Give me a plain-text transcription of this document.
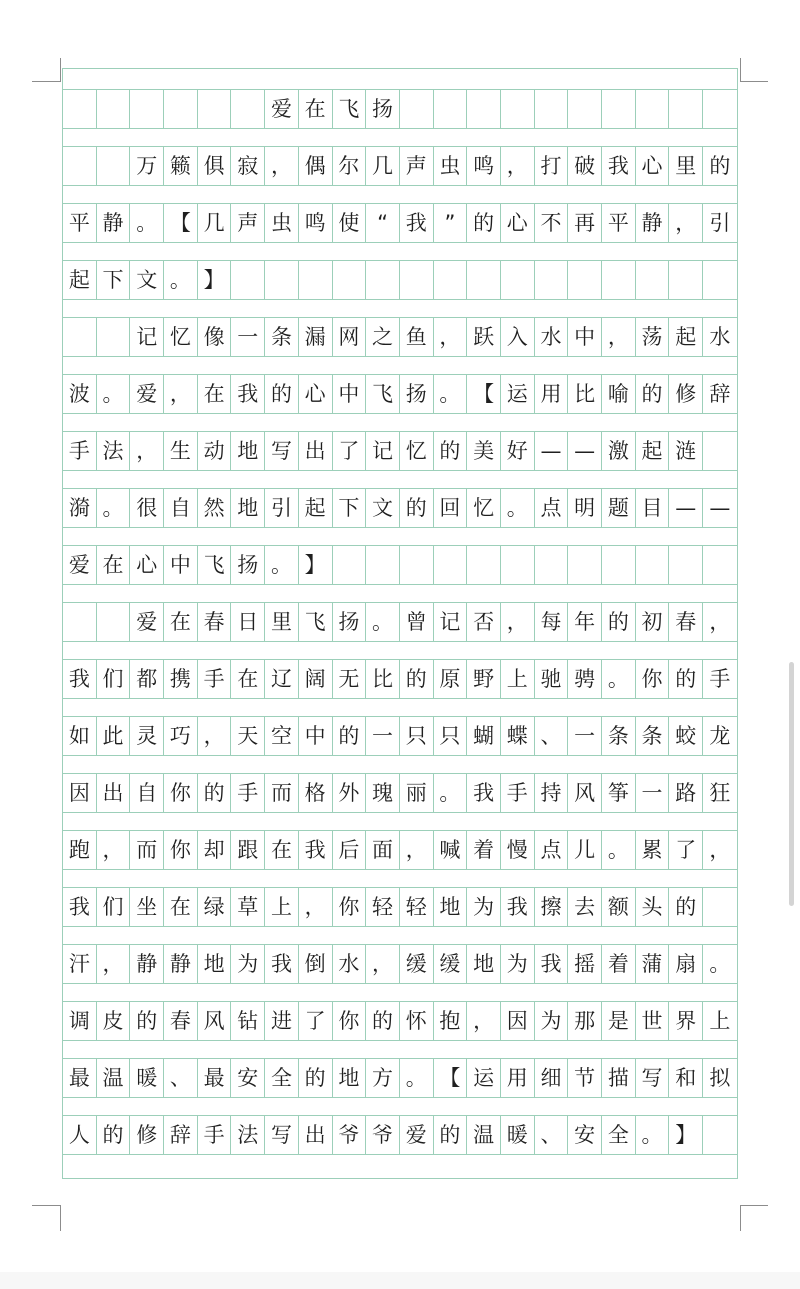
爱 在 飞 扬
万 籁 俱 寂 ， 偶 尔 几 声 虫 鸣 ， 打 破 我 心 里 的
平 静 。 【 几 声 虫 鸣 使 “ 我 ” 的 心 不 再 平 静 ， 引
起 下 文 。 】
记 忆 像 一 条 漏 网 之 鱼 ， 跃 入 水 中 ， 荡 起 水
波 。 爱 ， 在 我 的 心 中 飞 扬 。 【 运 用 比 喻 的 修 辞
手 法 ， 生 动 地 写 出 了 记 忆 的 美 好 — — 激 起 涟
漪 。 很 自 然 地 引 起 下 文 的 回 忆 。 点 明 题 目 — —
爱 在 心 中 飞 扬 。 】
爱 在 春 日 里 飞 扬 。 曾 记 否 ， 每 年 的 初 春 ，
我 们 都 携 手 在 辽 阔 无 比 的 原 野 上 驰 骋 。 你 的 手
如 此 灵 巧 ， 天 空 中 的 一 只 只 蝴 蝶 、 一 条 条 蛟 龙
因 出 自 你 的 手 而 格 外 瑰 丽 。 我 手 持 风 筝 一 路 狂
跑 ， 而 你 却 跟 在 我 后 面 ， 喊 着 慢 点 儿 。 累 了 ，
我 们 坐 在 绿 草 上 ， 你 轻 轻 地 为 我 擦 去 额 头 的
汗 ， 静 静 地 为 我 倒 水 ， 缓 缓 地 为 我 摇 着 蒲 扇 。
调 皮 的 春 风 钻 进 了 你 的 怀 抱 ， 因 为 那 是 世 界 上
最 温 暖 、 最 安 全 的 地 方 。 【 运 用 细 节 描 写 和 拟
人 的 修 辞 手 法 写 出 爷 爷 爱 的 温 暖 、 安 全 。 】
